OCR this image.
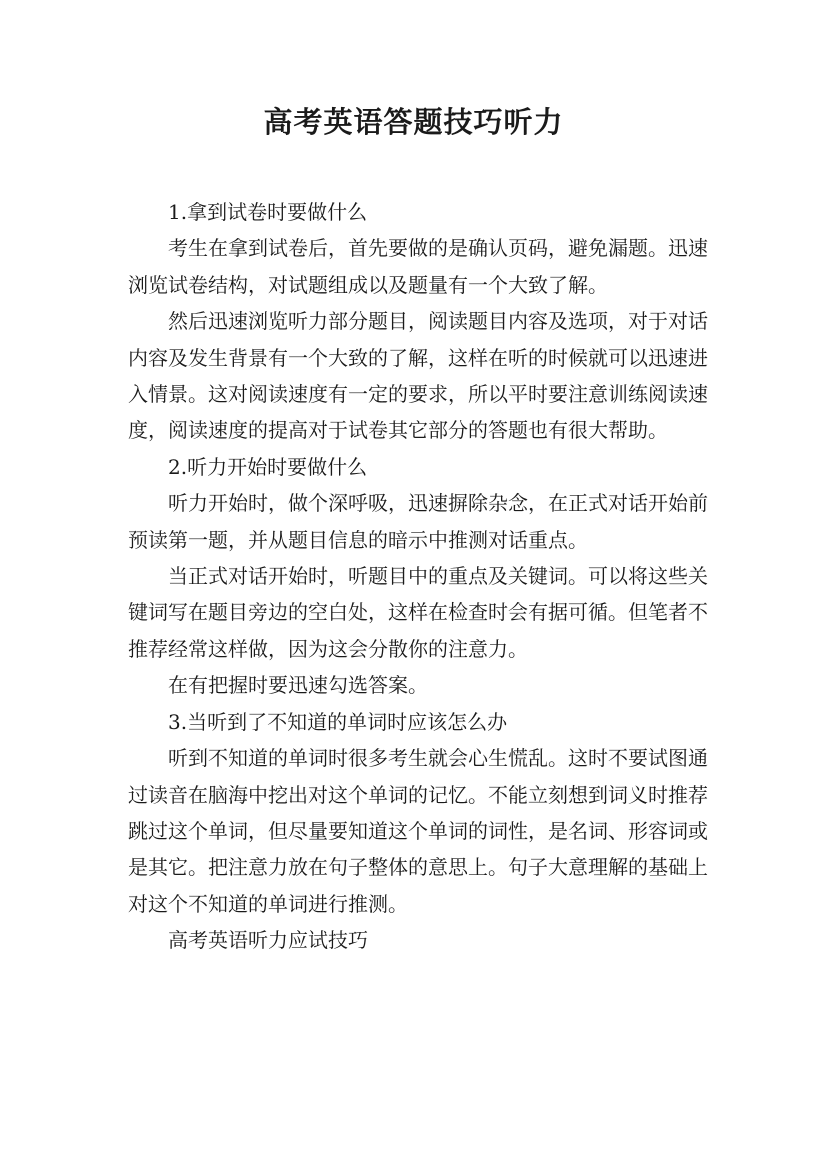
高考英语答题技巧听力

1.拿到试卷时要做什么

考生在拿到试卷后，首先要做的是确认页码，避免漏题。迅速浏览试卷结构，对试题组成以及题量有一个大致了解。

然后迅速浏览听力部分题目，阅读题目内容及选项，对于对话内容及发生背景有一个大致的了解，这样在听的时候就可以迅速进入情景。这对阅读速度有一定的要求，所以平时要注意训练阅读速度，阅读速度的提高对于试卷其它部分的答题也有很大帮助。

2.听力开始时要做什么

听力开始时，做个深呼吸，迅速摒除杂念，在正式对话开始前预读第一题，并从题目信息的暗示中推测对话重点。

当正式对话开始时，听题目中的重点及关键词。可以将这些关键词写在题目旁边的空白处，这样在检查时会有据可循。但笔者不推荐经常这样做，因为这会分散你的注意力。

在有把握时要迅速勾选答案。

3.当听到了不知道的单词时应该怎么办

听到不知道的单词时很多考生就会心生慌乱。这时不要试图通过读音在脑海中挖出对这个单词的记忆。不能立刻想到词义时推荐跳过这个单词，但尽量要知道这个单词的词性，是名词、形容词或是其它。把注意力放在句子整体的意思上。句子大意理解的基础上对这个不知道的单词进行推测。

高考英语听力应试技巧
